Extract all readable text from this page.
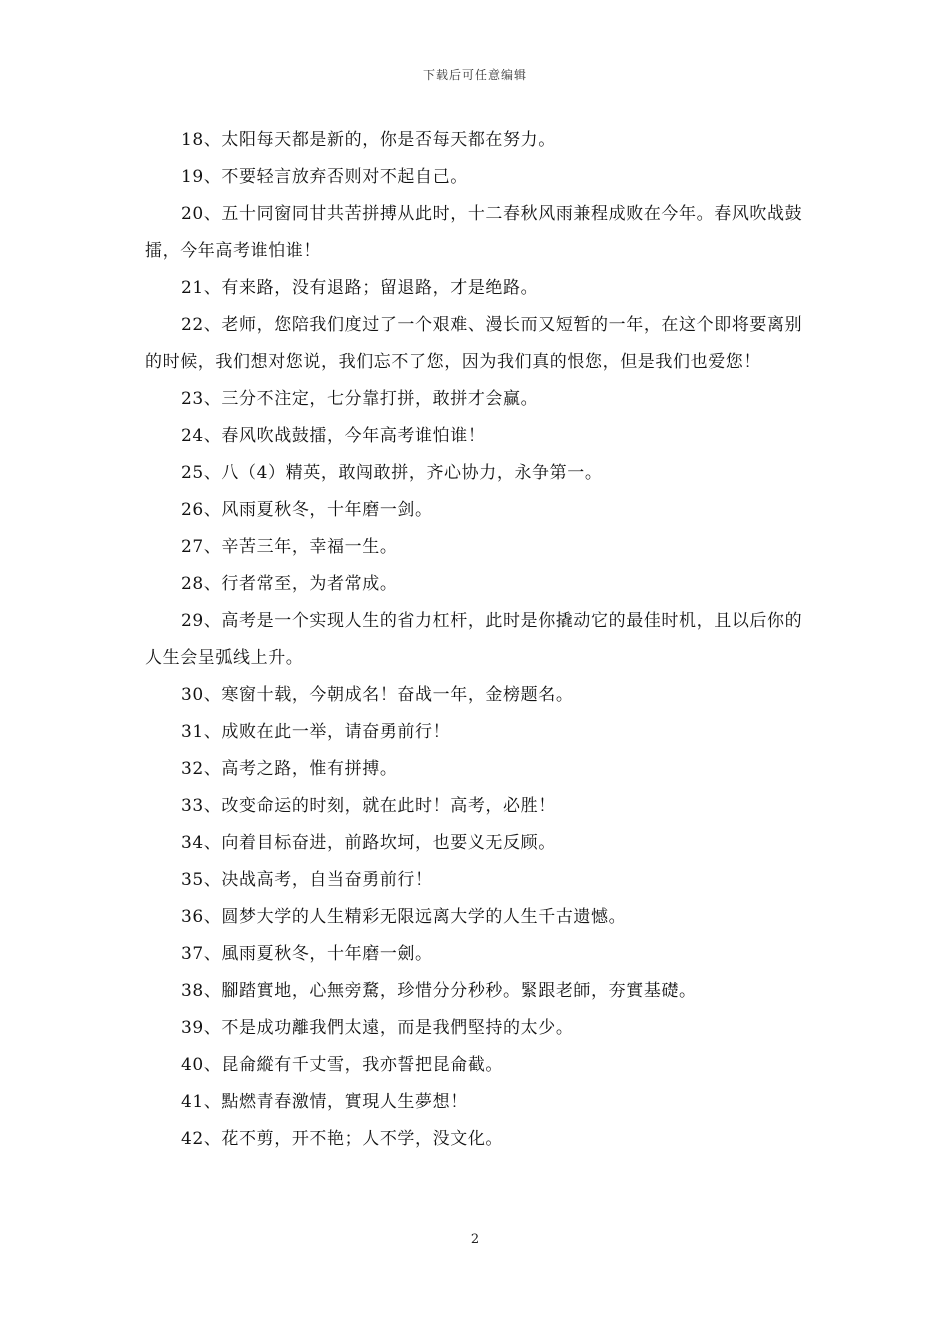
下载后可任意编辑

18、太阳每天都是新的，你是否每天都在努力。

19、不要轻言放弃否则对不起自己。

20、五十同窗同甘共苦拼搏从此时，十二春秋风雨兼程成败在今年。春风吹战鼓擂，今年高考谁怕谁！

21、有来路，没有退路；留退路，才是绝路。

22、老师，您陪我们度过了一个艰难、漫长而又短暂的一年，在这个即将要离别的时候，我们想对您说，我们忘不了您，因为我们真的恨您，但是我们也爱您！

23、三分不注定，七分靠打拼，敢拼才会赢。

24、春风吹战鼓擂，今年高考谁怕谁！

25、八（4）精英，敢闯敢拼，齐心协力，永争第一。

26、风雨夏秋冬，十年磨一剑。

27、辛苦三年，幸福一生。

28、行者常至，为者常成。

29、高考是一个实现人生的省力杠杆，此时是你撬动它的最佳时机，且以后你的人生会呈弧线上升。

30、寒窗十载，今朝成名！奋战一年，金榜题名。

31、成败在此一举，请奋勇前行！

32、高考之路，惟有拼搏。

33、改变命运的时刻，就在此时！高考，必胜！

34、向着目标奋进，前路坎坷，也要义无反顾。

35、决战高考，自当奋勇前行！

36、圆梦大学的人生精彩无限远离大学的人生千古遗憾。

37、風雨夏秋冬，十年磨一劍。

38、腳踏實地，心無旁騖，珍惜分分秒秒。緊跟老師，夯實基礎。

39、不是成功離我們太遠，而是我們堅持的太少。

40、昆侖縱有千丈雪，我亦誓把昆侖截。

41、點燃青春激情，實現人生夢想！

42、花不剪，开不艳；人不学，没文化。

2
